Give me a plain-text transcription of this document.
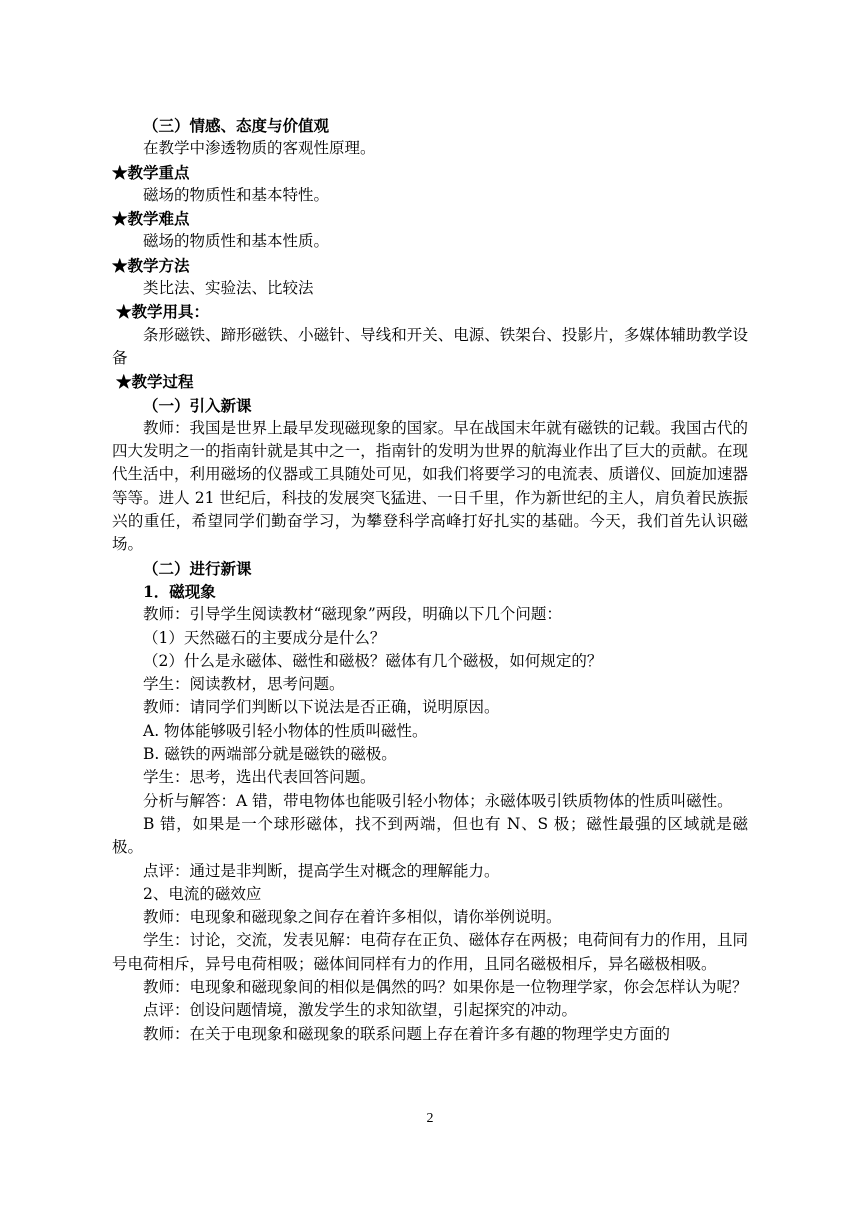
（三）情感、态度与价值观
在教学中渗透物质的客观性原理。
★教学重点
磁场的物质性和基本特性。
★教学难点
磁场的物质性和基本性质。
★教学方法
类比法、实验法、比较法
★教学用具：
条形磁铁、蹄形磁铁、小磁针、导线和开关、电源、铁架台、投影片，多媒体辅助教学设备
★教学过程
（一）引入新课
教师：我国是世界上最早发现磁现象的国家。早在战国末年就有磁铁的记载。我国古代的四大发明之一的指南针就是其中之一，指南针的发明为世界的航海业作出了巨大的贡献。在现代生活中，利用磁场的仪器或工具随处可见，如我们将要学习的电流表、质谱仪、回旋加速器等等。进人 21 世纪后，科技的发展突飞猛进、一日千里，作为新世纪的主人，肩负着民族振兴的重任，希望同学们勤奋学习，为攀登科学高峰打好扎实的基础。今天，我们首先认识磁场。
（二）进行新课
1．磁现象
教师：引导学生阅读教材“磁现象”两段，明确以下几个问题：
（1）天然磁石的主要成分是什么？
（2）什么是永磁体、磁性和磁极？磁体有几个磁极，如何规定的？
学生：阅读教材，思考问题。
教师：请同学们判断以下说法是否正确，说明原因。
A. 物体能够吸引轻小物体的性质叫磁性。
B. 磁铁的两端部分就是磁铁的磁极。
学生：思考，选出代表回答问题。
分析与解答：A 错，带电物体也能吸引轻小物体；永磁体吸引铁质物体的性质叫磁性。
B 错，如果是一个球形磁体，找不到两端，但也有 N、S 极；磁性最强的区域就是磁极。
点评：通过是非判断，提高学生对概念的理解能力。
2、电流的磁效应
教师：电现象和磁现象之间存在着许多相似，请你举例说明。
学生：讨论，交流，发表见解：电荷存在正负、磁体存在两极；电荷间有力的作用，且同号电荷相斥，异号电荷相吸；磁体间同样有力的作用，且同名磁极相斥，异名磁极相吸。
教师：电现象和磁现象间的相似是偶然的吗？如果你是一位物理学家，你会怎样认为呢？
点评：创设问题情境，激发学生的求知欲望，引起探究的冲动。
教师：在关于电现象和磁现象的联系问题上存在着许多有趣的物理学史方面的
2
